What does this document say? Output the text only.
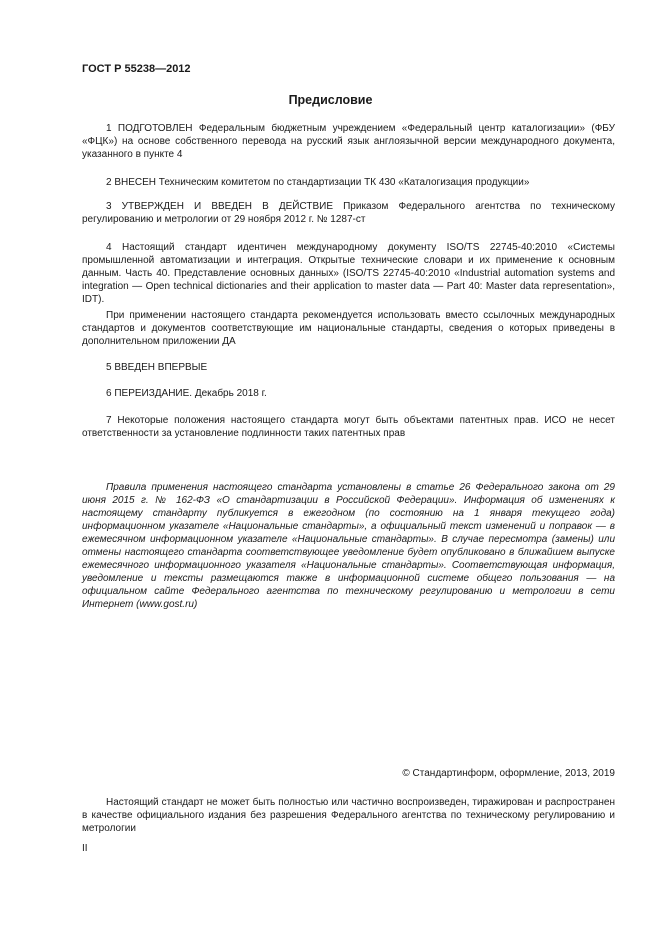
ГОСТ Р 55238—2012
Предисловие

1 ПОДГОТОВЛЕН Федеральным бюджетным учреждением «Федеральный центр каталогизации» (ФБУ «ФЦК») на основе собственного перевода на русский язык англоязычной версии международного документа, указанного в пункте 4

2 ВНЕСЕН Техническим комитетом по стандартизации ТК 430 «Каталогизация продукции»

3 УТВЕРЖДЕН И ВВЕДЕН В ДЕЙСТВИЕ Приказом Федерального агентства по техническому регулированию и метрологии от 29 ноября 2012 г. № 1287-ст

4 Настоящий стандарт идентичен международному документу ISO/TS 22745-40:2010 «Системы промышленной автоматизации и интеграция. Открытые технические словари и их применение к основным данным. Часть 40. Представление основных данных» (ISO/TS 22745-40:2010 «Industrial automation systems and integration — Open technical dictionaries and their application to master data — Part 40: Master data representation», IDT).

При применении настоящего стандарта рекомендуется использовать вместо ссылочных международных стандартов и документов соответствующие им национальные стандарты, сведения о которых приведены в дополнительном приложении ДА

5 ВВЕДЕН ВПЕРВЫЕ

6 ПЕРЕИЗДАНИЕ. Декабрь 2018 г.

7 Некоторые положения настоящего стандарта могут быть объектами патентных прав. ИСО не несет ответственности за установление подлинности таких патентных прав

Правила применения настоящего стандарта установлены в статье 26 Федерального закона от 29 июня 2015 г. № 162-ФЗ «О стандартизации в Российской Федерации». Информация об изменениях к настоящему стандарту публикуется в ежегодном (по состоянию на 1 января текущего года) информационном указателе «Национальные стандарты», а официальный текст изменений и поправок — в ежемесячном информационном указателе «Национальные стандарты». В случае пересмотра (замены) или отмены настоящего стандарта соответствующее уведомление будет опубликовано в ближайшем выпуске ежемесячного информационного указателя «Национальные стандарты». Соответствующая информация, уведомление и тексты размещаются также в информационной системе общего пользования — на официальном сайте Федерального агентства по техническому регулированию и метрологии в сети Интернет (www.gost.ru)

© Стандартинформ, оформление, 2013, 2019

Настоящий стандарт не может быть полностью или частично воспроизведен, тиражирован и распространен в качестве официального издания без разрешения Федерального агентства по техническому регулированию и метрологии

II
